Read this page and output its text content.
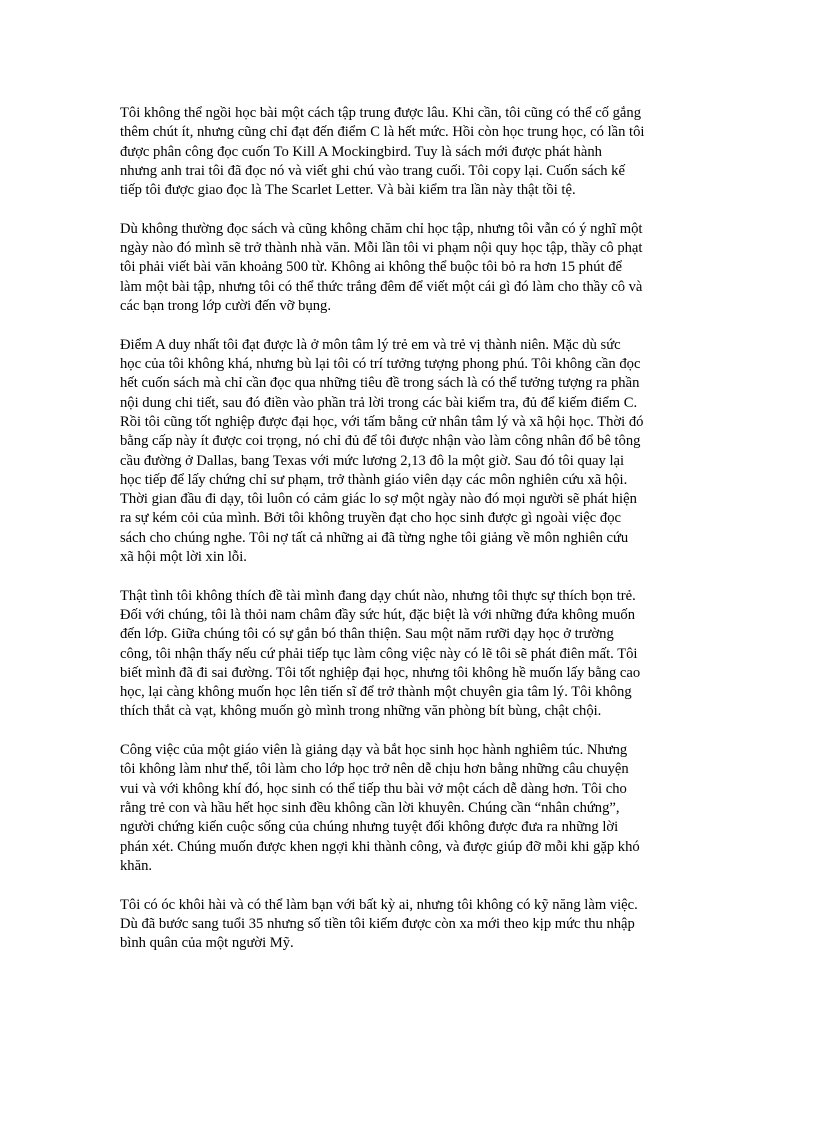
Tôi không thể ngồi học bài một cách tập trung được lâu. Khi cần, tôi cũng có thể cố gắng
thêm chút ít, nhưng cũng chỉ đạt đến điểm C là hết mức. Hồi còn học trung học, có lần tôi
được phân công đọc cuốn To Kill A Mockingbird. Tuy là sách mới được phát hành
nhưng anh trai tôi đã đọc nó và viết ghi chú vào trang cuối. Tôi copy lại. Cuốn sách kế
tiếp tôi được giao đọc là The Scarlet Letter. Và bài kiểm tra lần này thật tồi tệ.

Dù không thường đọc sách và cũng không chăm chỉ học tập, nhưng tôi vẫn có ý nghĩ một
ngày nào đó mình sẽ trở thành nhà văn. Mỗi lần tôi vi phạm nội quy học tập, thầy cô phạt
tôi phải viết bài văn khoảng 500 từ. Không ai không thể buộc tôi bỏ ra hơn 15 phút để
làm một bài tập, nhưng tôi có thể thức trắng đêm để viết một cái gì đó làm cho thầy cô và
các bạn trong lớp cười đến vỡ bụng.

Điểm A duy nhất tôi đạt được là ở môn tâm lý trẻ em và trẻ vị thành niên. Mặc dù sức
học của tôi không khá, nhưng bù lại tôi có trí tưởng tượng phong phú. Tôi không cần đọc
hết cuốn sách mà chỉ cần đọc qua những tiêu đề trong sách là có thể tưởng tượng ra phần
nội dung chi tiết, sau đó điền vào phần trả lời trong các bài kiểm tra, đủ để kiếm điểm C.
Rồi tôi cũng tốt nghiệp được đại học, với tấm bằng cử nhân tâm lý và xã hội học. Thời đó
bằng cấp này ít được coi trọng, nó chỉ đủ để tôi được nhận vào làm công nhân đổ bê tông
cầu đường ở Dallas, bang Texas với mức lương 2,13 đô la một giờ. Sau đó tôi quay lại
học tiếp để lấy chứng chỉ sư phạm, trở thành giáo viên dạy các môn nghiên cứu xã hội.
Thời gian đầu đi dạy, tôi luôn có cảm giác lo sợ một ngày nào đó mọi người sẽ phát hiện
ra sự kém cỏi của mình. Bởi tôi không truyền đạt cho học sinh được gì ngoài việc đọc
sách cho chúng nghe. Tôi nợ tất cả những ai đã từng nghe tôi giảng về môn nghiên cứu
xã hội một lời xin lỗi.

Thật tình tôi không thích đề tài mình đang dạy chút nào, nhưng tôi thực sự thích bọn trẻ.
Đối với chúng, tôi là thỏi nam châm đầy sức hút, đặc biệt là với những đứa không muốn
đến lớp. Giữa chúng tôi có sự gắn bó thân thiện. Sau một năm rưỡi dạy học ở trường
công, tôi nhận thấy nếu cứ phải tiếp tục làm công việc này có lẽ tôi sẽ phát điên mất. Tôi
biết mình đã đi sai đường. Tôi tốt nghiệp đại học, nhưng tôi không hề muốn lấy bằng cao
học, lại càng không muốn học lên tiến sĩ để trở thành một chuyên gia tâm lý. Tôi không
thích thắt cà vạt, không muốn gò mình trong những văn phòng bít bùng, chật chội.

Công việc của một giáo viên là giảng dạy và bắt học sinh học hành nghiêm túc. Nhưng
tôi không làm như thế, tôi làm cho lớp học trở nên dễ chịu hơn bằng những câu chuyện
vui và với không khí đó, học sinh có thể tiếp thu bài vở một cách dễ dàng hơn. Tôi cho
rằng trẻ con và hầu hết học sinh đều không cần lời khuyên. Chúng cần “nhân chứng”,
người chứng kiến cuộc sống của chúng nhưng tuyệt đối không được đưa ra những lời
phán xét. Chúng muốn được khen ngợi khi thành công, và được giúp đỡ mỗi khi gặp khó
khăn.

Tôi có óc khôi hài và có thể làm bạn với bất kỳ ai, nhưng tôi không có kỹ năng làm việc.
Dù đã bước sang tuổi 35 nhưng số tiền tôi kiếm được còn xa mới theo kịp mức thu nhập
bình quân của một người Mỹ.
